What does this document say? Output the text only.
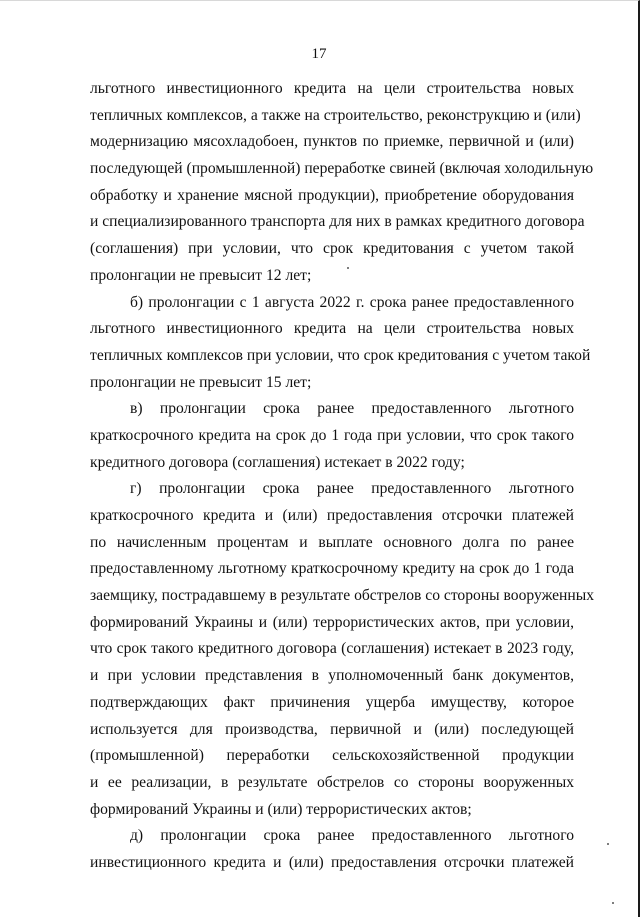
17
льготного инвестиционного кредита на цели строительства новых
тепличных комплексов, а также на строительство, реконструкцию и (или)
модернизацию мясохладобоен, пунктов по приемке, первичной и (или)
последующей (промышленной) переработке свиней (включая холодильную
обработку и хранение мясной продукции), приобретение оборудования
и специализированного транспорта для них в рамках кредитного договора
(соглашения) при условии, что срок кредитования с учетом такой
пролонгации не превысит 12 лет;
б) пролонгации с 1 августа 2022 г. срока ранее предоставленного
льготного инвестиционного кредита на цели строительства новых
тепличных комплексов при условии, что срок кредитования с учетом такой
пролонгации не превысит 15 лет;
в) пролонгации срока ранее предоставленного льготного
краткосрочного кредита на срок до 1 года при условии, что срок такого
кредитного договора (соглашения) истекает в 2022 году;
г) пролонгации срока ранее предоставленного льготного
краткосрочного кредита и (или) предоставления отсрочки платежей
по начисленным процентам и выплате основного долга по ранее
предоставленному льготному краткосрочному кредиту на срок до 1 года
заемщику, пострадавшему в результате обстрелов со стороны вооруженных
формирований Украины и (или) террористических актов, при условии,
что срок такого кредитного договора (соглашения) истекает в 2023 году,
и при условии представления в уполномоченный банк документов,
подтверждающих факт причинения ущерба имуществу, которое
используется для производства, первичной и (или) последующей
(промышленной) переработки сельскохозяйственной продукции
и ее реализации, в результате обстрелов со стороны вооруженных
формирований Украины и (или) террористических актов;
д) пролонгации срока ранее предоставленного льготного
инвестиционного кредита и (или) предоставления отсрочки платежей
